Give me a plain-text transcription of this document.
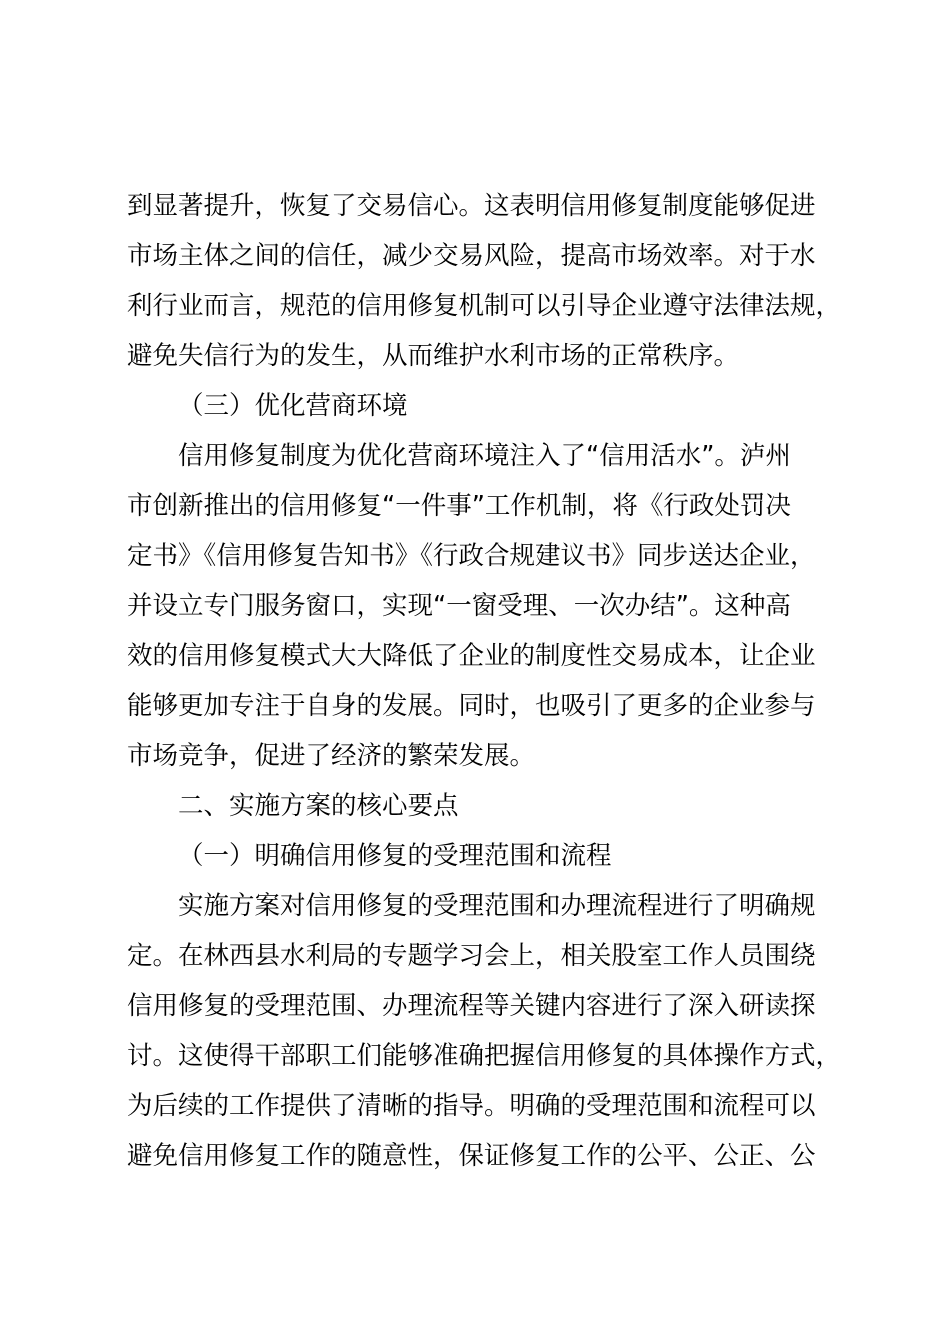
到显著提升，恢复了交易信心。这表明信用修复制度能够促进
市场主体之间的信任，减少交易风险，提高市场效率。对于水
利行业而言，规范的信用修复机制可以引导企业遵守法律法规，
避免失信行为的发生，从而维护水利市场的正常秩序。
（三）优化营商环境
信用修复制度为优化营商环境注入了“信用活水”。泸州
市创新推出的信用修复“一件事”工作机制，将《行政处罚决
定书》《信用修复告知书》《行政合规建议书》同步送达企业，
并设立专门服务窗口，实现“一窗受理、一次办结”。这种高
效的信用修复模式大大降低了企业的制度性交易成本，让企业
能够更加专注于自身的发展。同时，也吸引了更多的企业参与
市场竞争，促进了经济的繁荣发展。
二、实施方案的核心要点
（一）明确信用修复的受理范围和流程
实施方案对信用修复的受理范围和办理流程进行了明确规
定。在林西县水利局的专题学习会上，相关股室工作人员围绕
信用修复的受理范围、办理流程等关键内容进行了深入研读探
讨。这使得干部职工们能够准确把握信用修复的具体操作方式，
为后续的工作提供了清晰的指导。明确的受理范围和流程可以
避免信用修复工作的随意性，保证修复工作的公平、公正、公
